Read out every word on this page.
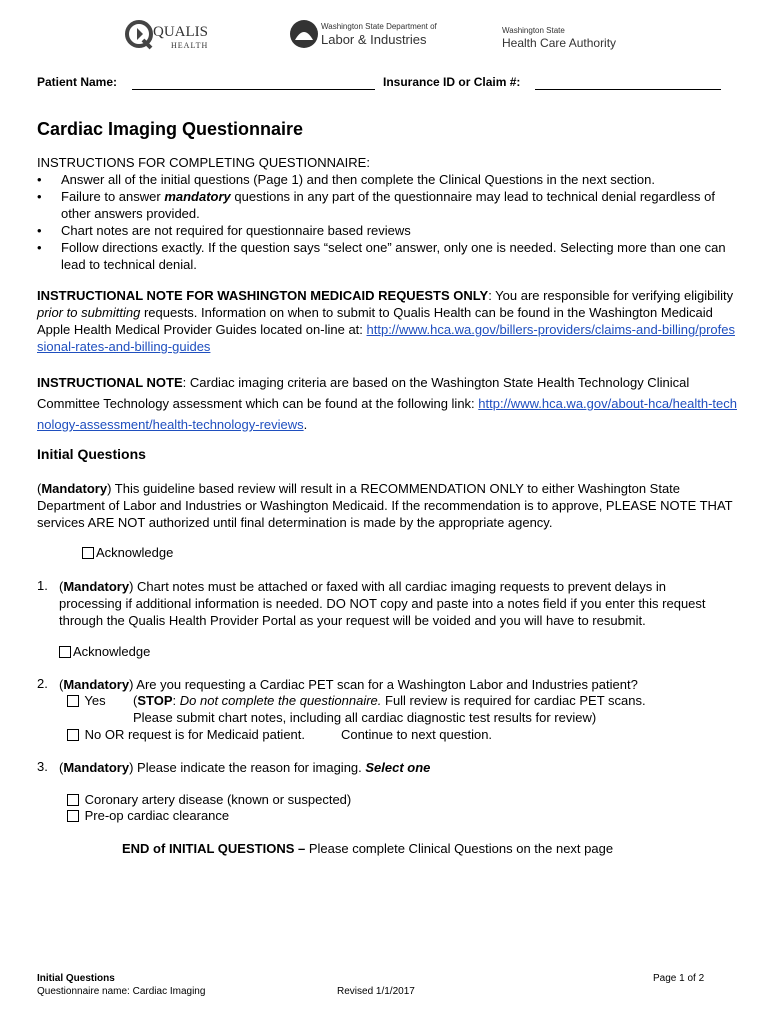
QUALIS
HEALTH
Washington State Department of
Labor & Industries
Washington State
Health Care Authority
Patient Name:	Insurance ID or Claim #:
Cardiac Imaging Questionnaire
INSTRUCTIONS FOR COMPLETING QUESTIONNAIRE:
• Answer all of the initial questions (Page 1) and then complete the Clinical Questions in the next section.
• Failure to answer mandatory questions in any part of the questionnaire may lead to technical denial regardless of other answers provided.
• Chart notes are not required for questionnaire based reviews
• Follow directions exactly. If the question says “select one” answer, only one is needed. Selecting more than one can lead to technical denial.
INSTRUCTIONAL NOTE FOR WASHINGTON MEDICAID REQUESTS ONLY: You are responsible for verifying eligibility prior to submitting requests. Information on when to submit to Qualis Health can be found in the Washington Medicaid Apple Health Medical Provider Guides located on-line at: http://www.hca.wa.gov/billers-providers/claims-and-billing/professional-rates-and-billing-guides
INSTRUCTIONAL NOTE: Cardiac imaging criteria are based on the Washington State Health Technology Clinical Committee Technology assessment which can be found at the following link: http://www.hca.wa.gov/about-hca/health-technology-assessment/health-technology-reviews.
Initial Questions
(Mandatory) This guideline based review will result in a RECOMMENDATION ONLY to either Washington State Department of Labor and Industries or Washington Medicaid. If the recommendation is to approve, PLEASE NOTE THAT services ARE NOT authorized until final determination is made by the appropriate agency.
Acknowledge
1. (Mandatory) Chart notes must be attached or faxed with all cardiac imaging requests to prevent delays in processing if additional information is needed. DO NOT copy and paste into a notes field if you enter this request through the Qualis Health Provider Portal as your request will be voided and you will have to resubmit.
Acknowledge
2. (Mandatory) Are you requesting a Cardiac PET scan for a Washington Labor and Industries patient?
Yes (STOP: Do not complete the questionnaire. Full review is required for cardiac PET scans.
Please submit chart notes, including all cardiac diagnostic test results for review)
No OR request is for Medicaid patient.	Continue to next question.
3. (Mandatory) Please indicate the reason for imaging. Select one
Coronary artery disease (known or suspected)
Pre-op cardiac clearance
END of INITIAL QUESTIONS – Please complete Clinical Questions on the next page
Initial Questions
Questionnaire name: Cardiac Imaging	Revised 1/1/2017
Page 1 of 2
